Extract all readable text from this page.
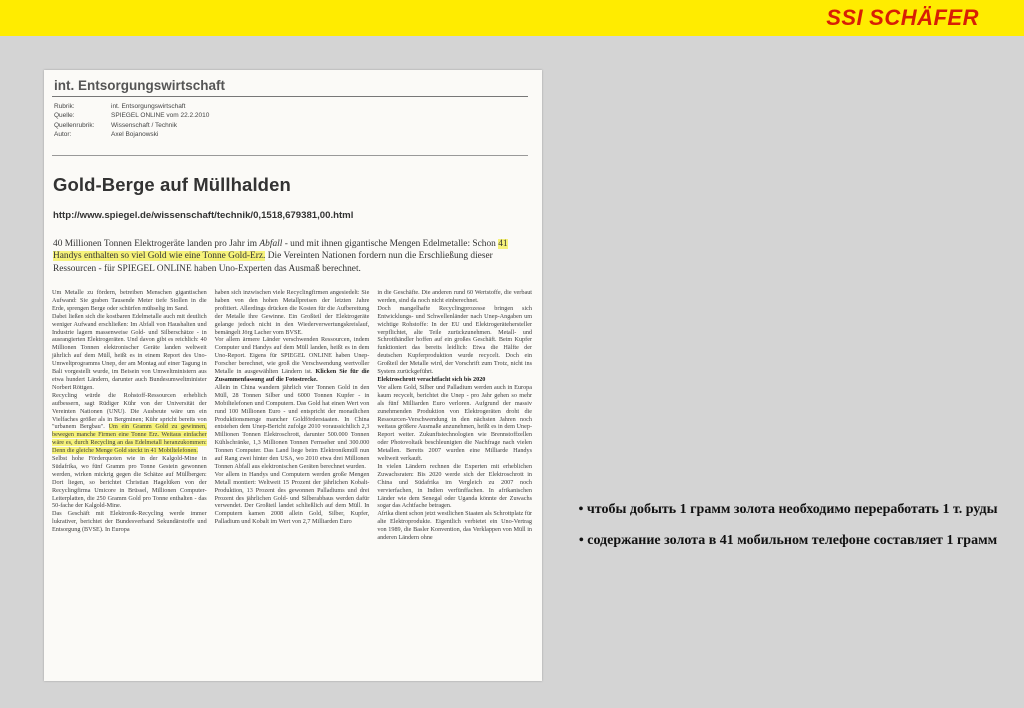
SSI SCHÄFER
int. Entsorgungswirtschaft
Rubrik:	int. Entsorgungswirtschaft
Quelle:	SPIEGEL ONLINE vom 22.2.2010
Quellenrubrik:	Wissenschaft / Technik
Autor:	Axel Bojanowski
Gold-Berge auf Müllhalden
http://www.spiegel.de/wissenschaft/technik/0,1518,679381,00.html
40 Millionen Tonnen Elektrogeräte landen pro Jahr im Abfall - und mit ihnen gigantische Mengen Edelmetalle: Schon 41 Handys enthalten so viel Gold wie eine Tonne Gold-Erz. Die Vereinten Nationen fordern nun die Erschließung dieser Ressourcen - für SPIEGEL ONLINE haben Uno-Experten das Ausmaß berechnet.

Um Metalle zu fördern, betreiben Menschen gigantischen Aufwand: Sie graben Tausende Meter tiefe Stollen in die Erde, sprengen Berge oder schürfen mühselig im Sand.

Dabei ließen sich die kostbaren Edelmetalle auch mit deutlich weniger Aufwand erschließen: Im Abfall von Haushalten und Industrie lagern massenweise Gold- und Silberschätze - in ausrangierten Elektrogeräten. Und davon gibt es reichlich: 40 Millionen Tonnen elektronischer Geräte landen weltweit jährlich auf dem Müll, heißt es in einem Report des Uno-Umweltprogramms Unep, der am Montag auf einer Tagung in Bali vorgestellt wurde, im Beisein von Umweltministern aus etwa hundert Ländern, darunter auch Bundesumweltminister Norbert Röttgen.

Recycling würde die Rohstoff-Ressourcen erheblich aufbessern, sagt Rüdiger Kühr von der Universität der Vereinten Nationen (UNU). Die Ausbeute wäre um ein Vielfaches größer als in Bergminen; Kühr spricht bereits von "urbanem Bergbau". Um ein Gramm Gold zu gewinnen, bewegen manche Firmen eine Tonne Erz. Weitaus einfacher wäre es, durch Recycling an das Edelmetall heranzukommen: Denn die gleiche Menge Gold steckt in 41 Mobiltelefonen.

Selbst hohe Förderquoten wie in der Kalgold-Mine in Südafrika, wo fünf Gramm pro Tonne Gestein gewonnen werden, wirken mickrig gegen die Schätze auf Müllbergen: Dort liegen, so berichtet Christian Hagelüken von der Recyclingfirma Umicore in Brüssel, Millionen Computer-Leiterplatten, die 250 Gramm Gold pro Tonne enthalten - das 50-fache der Kalgold-Mine.

Das Geschäft mit Elektronik-Recycling werde immer lukrativer, berichtet der Bundesverband Sekundärstoffe und Entsorgung (BVSE). In Europa

haben sich inzwischen viele Recyclingfirmen angesiedelt: Sie haben von den hohen Metallpreisen der letzten Jahre profitiert. Allerdings drücken die Kosten für die Aufbereitung der Metalle ihre Gewinne. Ein Großteil der Elektrogeräte gelange jedoch nicht in den Wiederverwertungskreislauf, bemängelt Jörg Lacher vom BVSE.

Vor allem ärmere Länder verschwenden Ressourcen, indem Computer und Handys auf dem Müll landen, heißt es in dem Uno-Report. Eigens für SPIEGEL ONLINE haben Unep-Forscher berechnet, wie groß die Verschwendung wertvoller Metalle in ausgewählten Ländern ist. Klicken Sie für die Zusammenfassung auf die Fotostrecke.

Allein in China wandern jährlich vier Tonnen Gold in den Müll, 28 Tonnen Silber und 6000 Tonnen Kupfer - in Mobiltelefonen und Computern. Das Gold hat einen Wert von rund 100 Millionen Euro - und entspricht der monatlichen Produktionsmenge mancher Goldförderstaaten. In China entstehen dem Unep-Bericht zufolge 2010 voraussichtlich 2,3 Millionen Tonnen Elektroschrott, darunter 500.000 Tonnen Kühlschränke, 1,3 Millionen Tonnen Fernseher und 300.000 Tonnen Computer. Das Land liege beim Elektronikmüll nun auf Rang zwei hinter den USA, wo 2010 etwa drei Millionen Tonnen Abfall aus elektronischen Geräten berechnet wurden.

Vor allem in Handys und Computern werden große Mengen Metall montiert: Weltweit 15 Prozent der jährlichen Kobalt-Produktion, 13 Prozent des gewonnen Palladiums und drei Prozent des jährlichen Gold- und Silberabbaus werden dafür verwendet. Der Großteil landet schließlich auf dem Müll. In Computern kamen 2008 allein Gold, Silber, Kupfer, Palladium und Kobalt im Wert von 2,7 Milliarden Euro

in die Geschäfte. Die anderen rund 60 Wertstoffe, die verbaut werden, sind da noch nicht einberechnet.

Doch mangelhafte Recyclingprozesse bringen sich Entwicklungs- und Schwellenländer nach Unep-Angaben um wichtige Rohstoffe: In der EU und Elektrogerätehersteller verpflichtet, alte Teile zurückzunehmen. Metall- und Schrotthändler hoffen auf ein großes Geschäft. Beim Kupfer funktioniert das bereits leidlich: Etwa die Hälfte der deutschen Kupferproduktion wurde recycelt. Doch ein Großteil der Metalle wird, der Vorschrift zum Trotz, nicht ins System zurückgeführt.

Elektroschrott verachtfacht sich bis 2020

Vor allem Gold, Silber und Palladium werden auch in Europa kaum recycelt, berichtet die Unep - pro Jahr gehen so mehr als fünf Milliarden Euro verloren. Aufgrund der massiv zunehmenden Produktion von Elektrogeräten droht die Ressourcen-Verschwendung in den nächsten Jahren noch weitaus größere Ausmaße anzunehmen, heißt es in dem Unep-Report weiter. Zukunftstechnologien wie Brennstoffzellen oder Photovoltaik beschleunigten die Nachfrage nach vielen Metallen. Bereits 2007 wurden eine Milliarde Handys weltweit verkauft.

In vielen Ländern rechnen die Experten mit erheblichen Zuwachsraten: Bis 2020 werde sich der Elektroschrott in China und Südafrika im Vergleich zu 2007 noch vervierfachen, in Indien verfünffachen. In afrikanischen Länder wie dem Senegal oder Uganda könnte der Zuwachs sogar das Achtfache betragen.

Afrika dient schon jetzt westlichen Staaten als Schrottplatz für alte Elektroprodukte. Eigentlich verbietet ein Uno-Vertrag von 1989, die Basler Konvention, das Verklappen von Müll in anderen Ländern ohne

• чтобы добыть 1 грамм золота необходимо переработать 1 т. руды

• содержание золота в 41 мобильном телефоне составляет 1 грамм
